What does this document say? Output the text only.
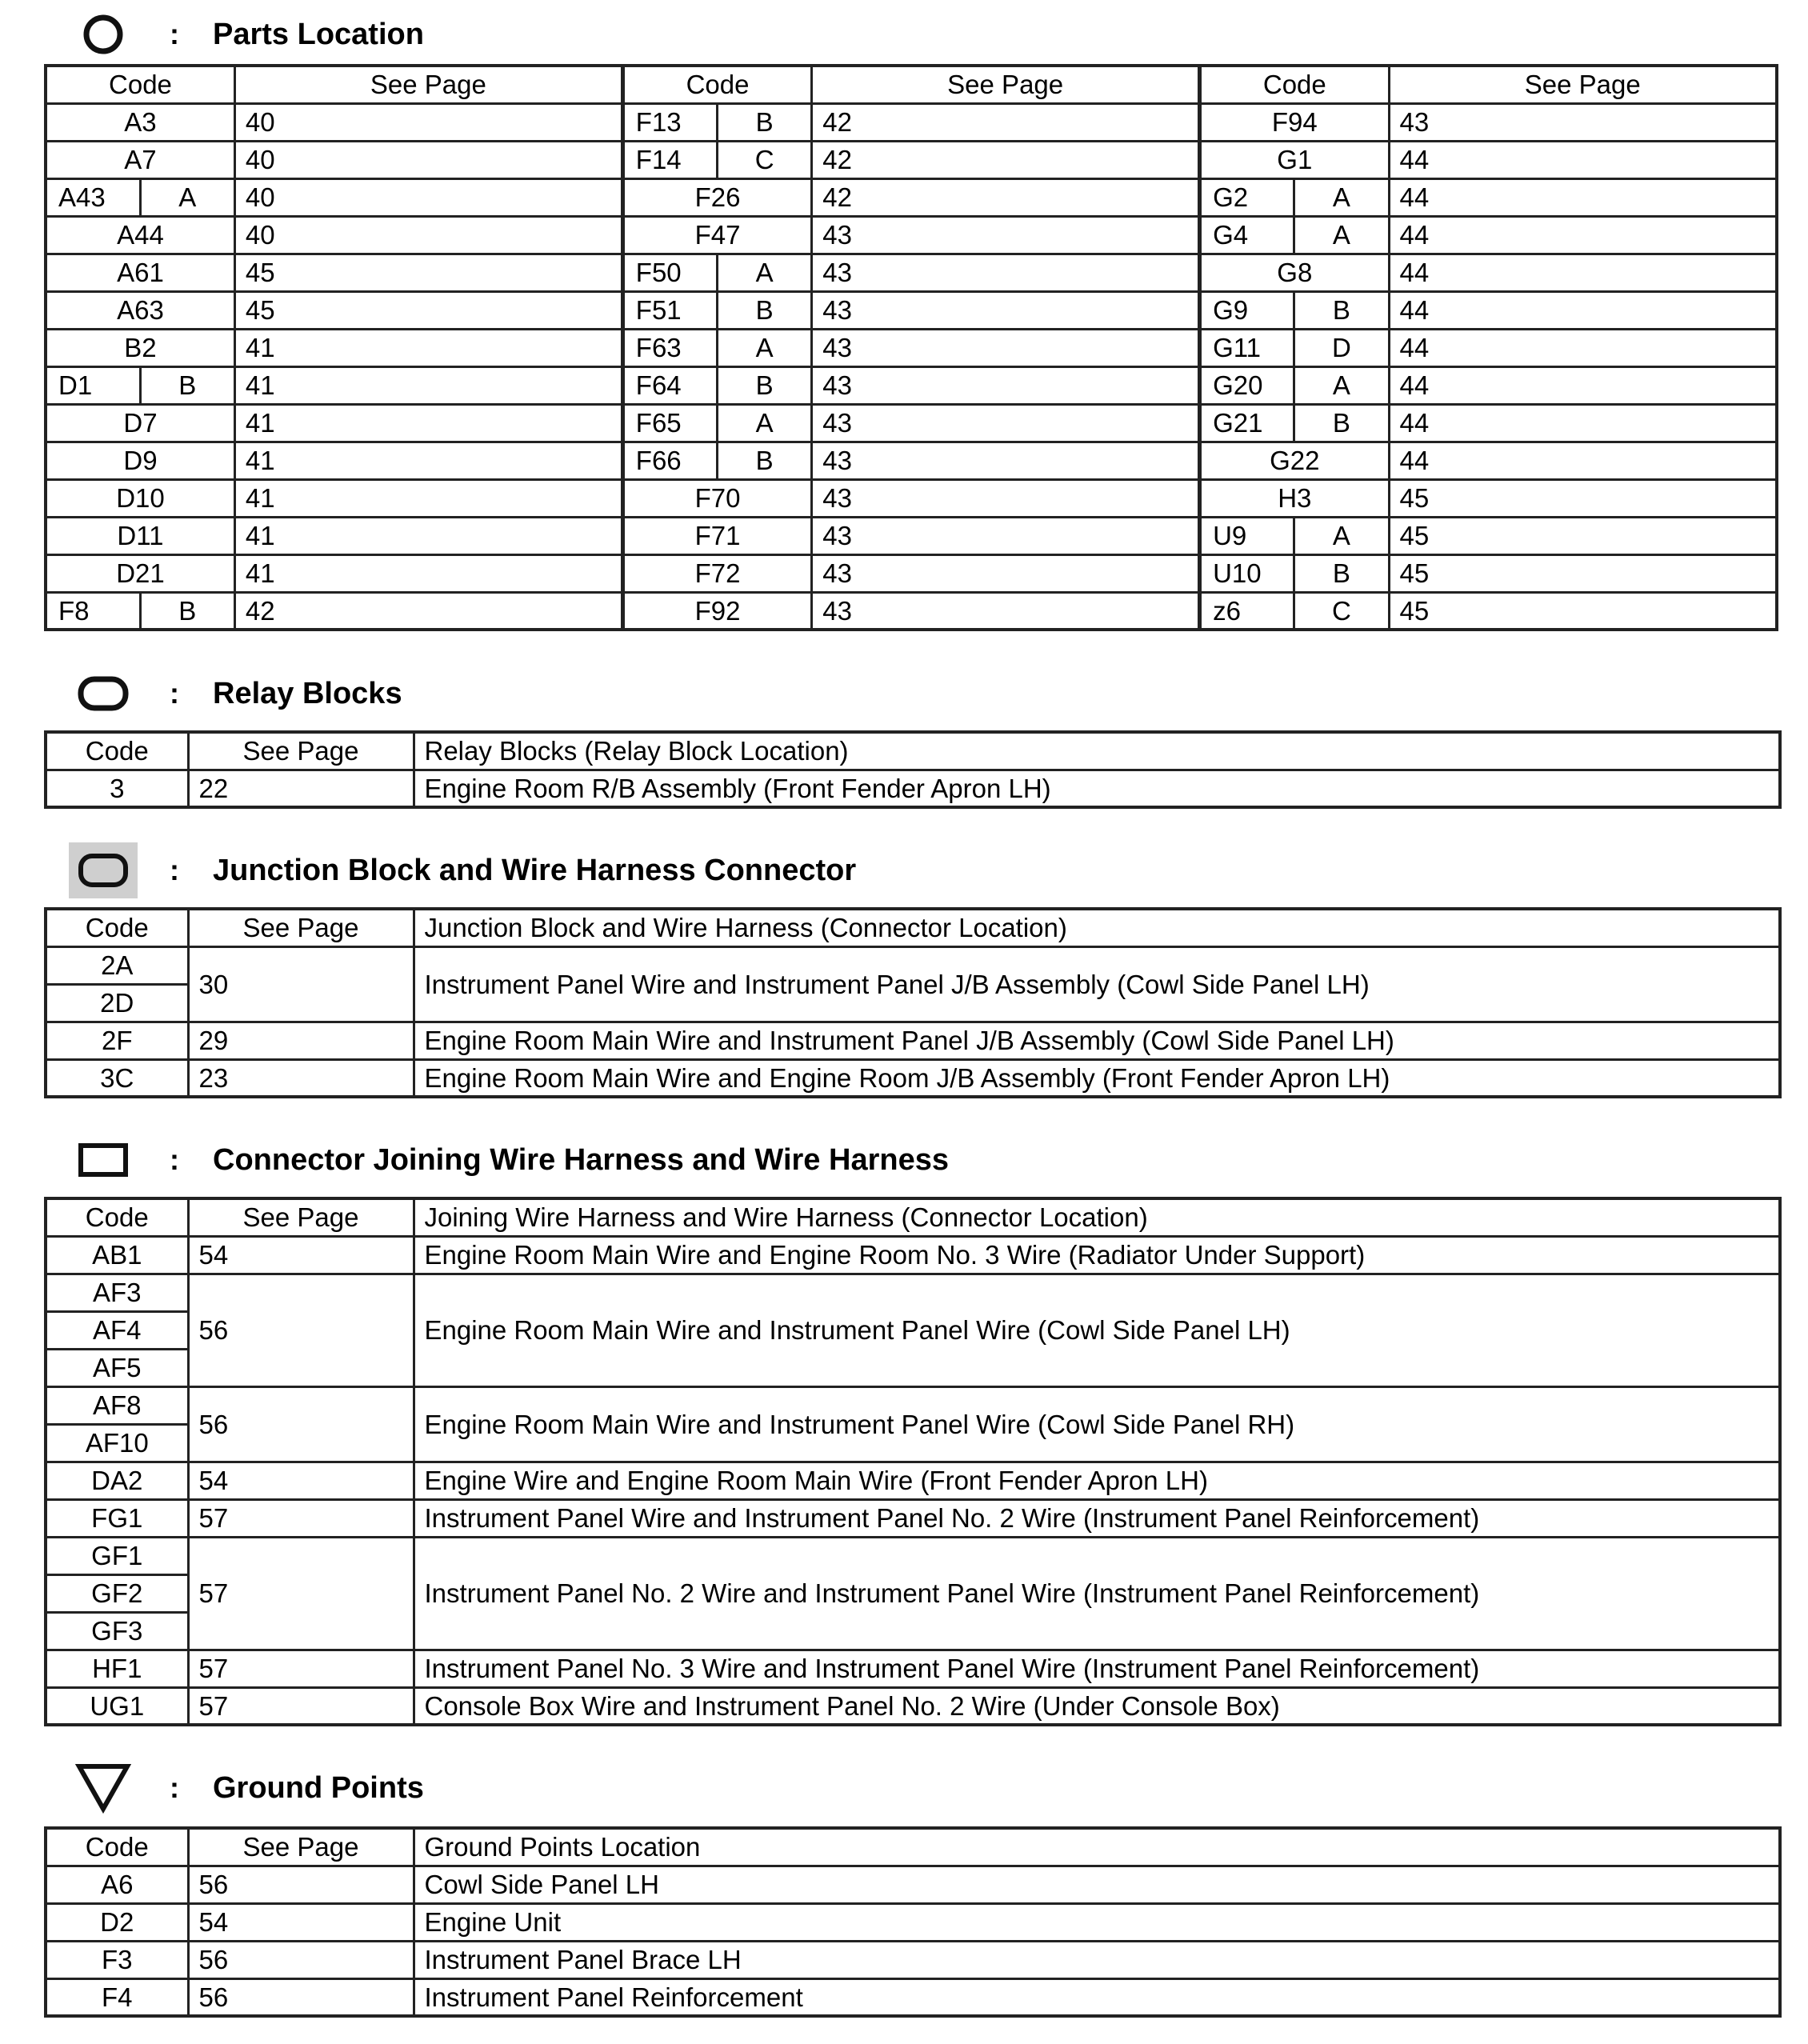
:	Parts Location
Code		See Page	Code		See Page	Code		See Page
A3		40	F13	B	42	F94		43
A7		40	F14	C	42	G1		44
A43	A	40	F26		42	G2	A	44
A44		40	F47		43	G4	A	44
A61		45	F50	A	43	G8		44
A63		45	F51	B	43	G9	B	44
B2		41	F63	A	43	G11	D	44
D1	B	41	F64	B	43	G20	A	44
D7		41	F65	A	43	G21	B	44
D9		41	F66	B	43	G22		44
D10		41	F70		43	H3		45
D11		41	F71		43	U9	A	45
D21		41	F72		43	U10	B	45
F8	B	42	F92		43	z6	C	45
:	Relay Blocks
Code	See Page	Relay Blocks (Relay Block Location)
3	22	Engine Room R/B Assembly (Front Fender Apron LH)
:	Junction Block and Wire Harness Connector
Code	See Page	Junction Block and Wire Harness (Connector Location)
2A	30	Instrument Panel Wire and Instrument Panel J/B Assembly (Cowl Side Panel LH)
2D		
2F	29	Engine Room Main Wire and Instrument Panel J/B Assembly (Cowl Side Panel LH)
3C	23	Engine Room Main Wire and Engine Room J/B Assembly (Front Fender Apron LH)
:	Connector Joining Wire Harness and Wire Harness
Code	See Page	Joining Wire Harness and Wire Harness (Connector Location)
AB1	54	Engine Room Main Wire and Engine Room No. 3 Wire (Radiator Under Support)
AF3	56	Engine Room Main Wire and Instrument Panel Wire (Cowl Side Panel LH)
AF4		
AF5		
AF8	56	Engine Room Main Wire and Instrument Panel Wire (Cowl Side Panel RH)
AF10		
DA2	54	Engine Wire and Engine Room Main Wire (Front Fender Apron LH)
FG1	57	Instrument Panel Wire and Instrument Panel No. 2 Wire (Instrument Panel Reinforcement)
GF1	57	Instrument Panel No. 2 Wire and Instrument Panel Wire (Instrument Panel Reinforcement)
GF2		
GF3		
HF1	57	Instrument Panel No. 3 Wire and Instrument Panel Wire (Instrument Panel Reinforcement)
UG1	57	Console Box Wire and Instrument Panel No. 2 Wire (Under Console Box)
:	Ground Points
Code	See Page	Ground Points Location
A6	56	Cowl Side Panel LH
D2	54	Engine Unit
F3	56	Instrument Panel Brace LH
F4	56	Instrument Panel Reinforcement
